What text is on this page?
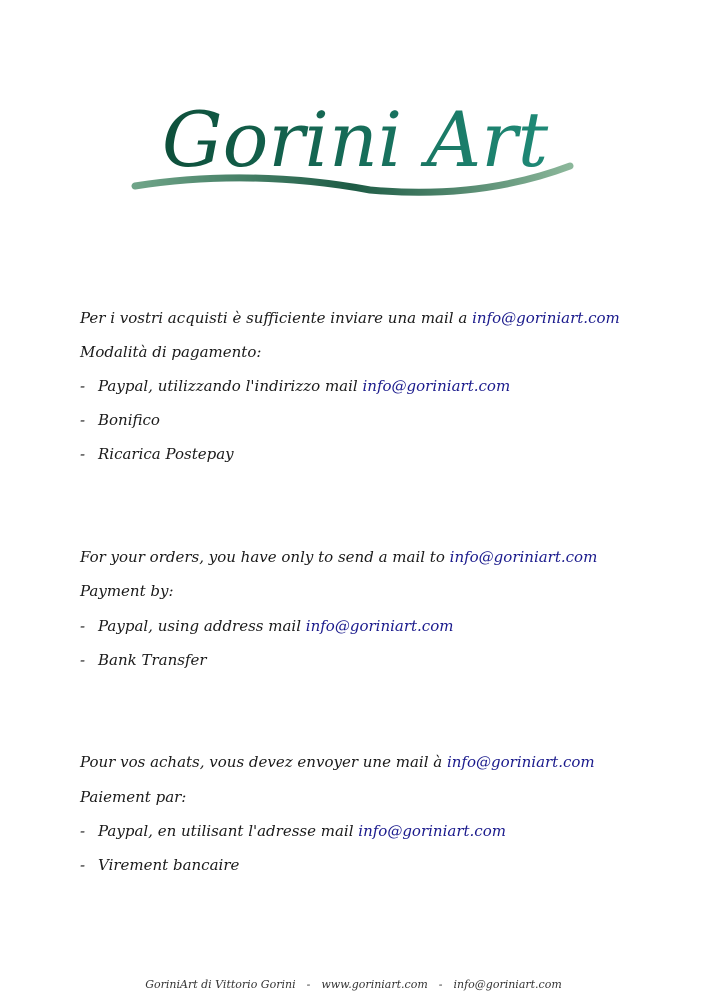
Gorini Art
Per i vostri acquisti è sufficiente inviare una mail a info@goriniart.com
Modalità di pagamento:
- Paypal, utilizzando l'indirizzo mail info@goriniart.com
- Bonifico
- Ricarica Postepay
For your orders, you have only to send a mail to info@goriniart.com
Payment by:
- Paypal, using address mail info@goriniart.com
- Bank Transfer
Pour vos achats, vous devez envoyer une mail à info@goriniart.com
Paiement par:
- Paypal, en utilisant l'adresse mail info@goriniart.com
- Virement bancaire
GoriniArt di Vittorio Gorini - www.goriniart.com - info@goriniart.com
